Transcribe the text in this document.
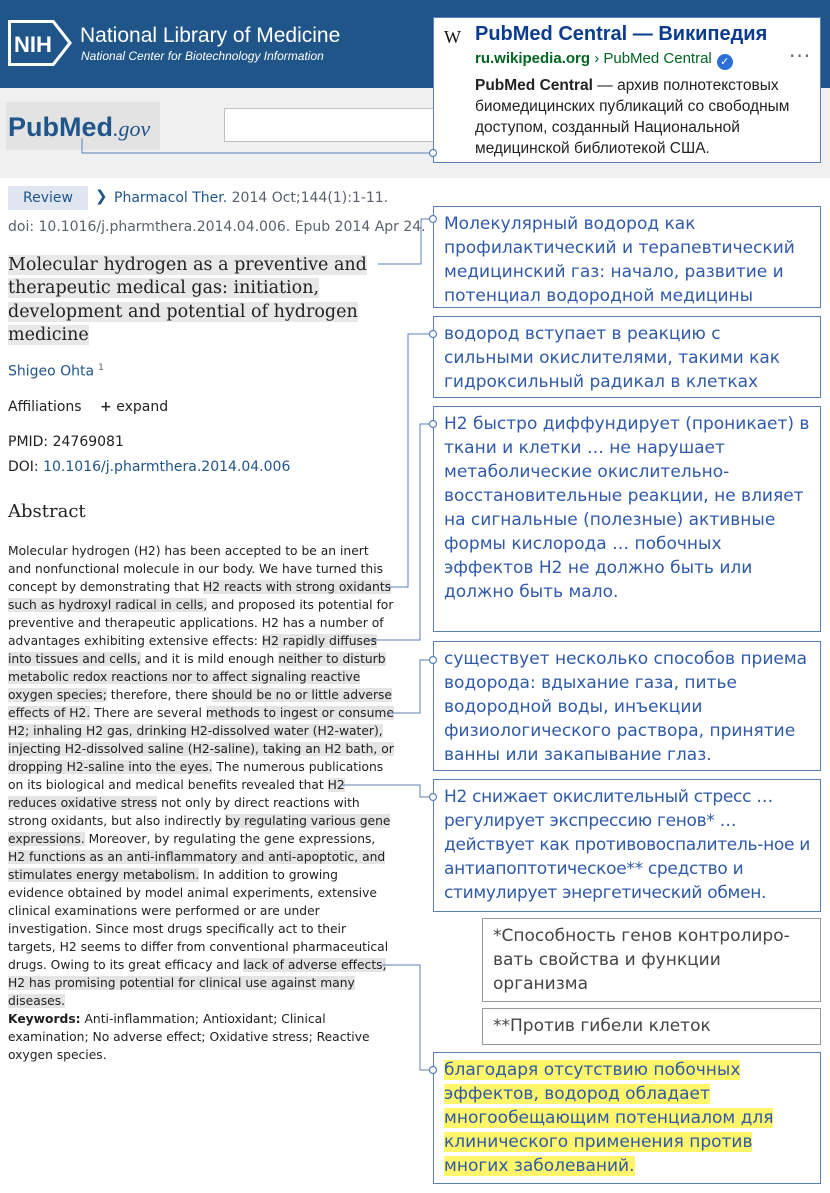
NIH National Library of Medicine
National Center for Biotechnology Information
PubMed.gov
W PubMed Central — Википедия
ru.wikipedia.org › PubMed Central ✓	···
PubMed Central — архив полнотекстовых биомедицинских публикаций со свободным доступом, созданный Национальной медицинской библиотекой США.
Review	❯ Pharmacol Ther. 2014 Oct;144(1):1-11.
doi: 10.1016/j.pharmthera.2014.04.006. Epub 2014 Apr 24.
Molecular hydrogen as a preventive and therapeutic medical gas: initiation, development and potential of hydrogen medicine
Shigeo Ohta $^1$
Affiliations + expand
PMID: 24769081
DOI: 10.1016/j.pharmthera.2014.04.006
Abstract
Molecular hydrogen (H2) has been accepted to be an inert and nonfunctional molecule in our body. We have turned this concept by demonstrating that H2 reacts with strong oxidants such as hydroxyl radical in cells, and proposed its potential for preventive and therapeutic applications. H2 has a number of advantages exhibiting extensive effects: H2 rapidly diffuses into tissues and cells, and it is mild enough neither to disturb metabolic redox reactions nor to affect signaling reactive oxygen species; therefore, there should be no or little adverse effects of H2. There are several methods to ingest or consume H2; inhaling H2 gas, drinking H2-dissolved water (H2-water), injecting H2-dissolved saline (H2-saline), taking an H2 bath, or dropping H2-saline into the eyes. The numerous publications on its biological and medical benefits revealed that H2 reduces oxidative stress not only by direct reactions with strong oxidants, but also indirectly by regulating various gene expressions. Moreover, by regulating the gene expressions, H2 functions as an anti-inflammatory and anti-apoptotic, and stimulates energy metabolism. In addition to growing evidence obtained by model animal experiments, extensive clinical examinations were performed or are under investigation. Since most drugs specifically act to their targets, H2 seems to differ from conventional pharmaceutical drugs. Owing to its great efficacy and lack of adverse effects, H2 has promising potential for clinical use against many diseases.
Keywords: Anti-inflammation; Antioxidant; Clinical examination; No adverse effect; Oxidative stress; Reactive oxygen species.
Молекулярный водород как профилактический и терапевтический медицинский газ: начало, развитие и потенциал водородной медицины
водород вступает в реакцию с сильными окислителями, такими как гидроксильный радикал в клетках
H2 быстро диффундирует (проникает) в ткани и клетки … не нарушает метаболические окислительно-восстановительные реакции, не влияет на сигнальные (полезные) активные формы кислорода … побочных эффектов H2 не должно быть или должно быть мало.
существует несколько способов приема водорода: вдыхание газа, питье водородной воды, инъекции физиологического раствора, принятие ванны или закапывание глаз.
H2 снижает окислительный стресс … регулирует экспрессию генов* … действует как противовоспалитель-ное и антиапоптотическое** средство и стимулирует энергетический обмен.
*Способность генов контролиро-вать свойства и функции организма
**Против гибели клеток
благодаря отсутствию побочных эффектов, водород обладает многообещающим потенциалом для клинического применения против многих заболеваний.
